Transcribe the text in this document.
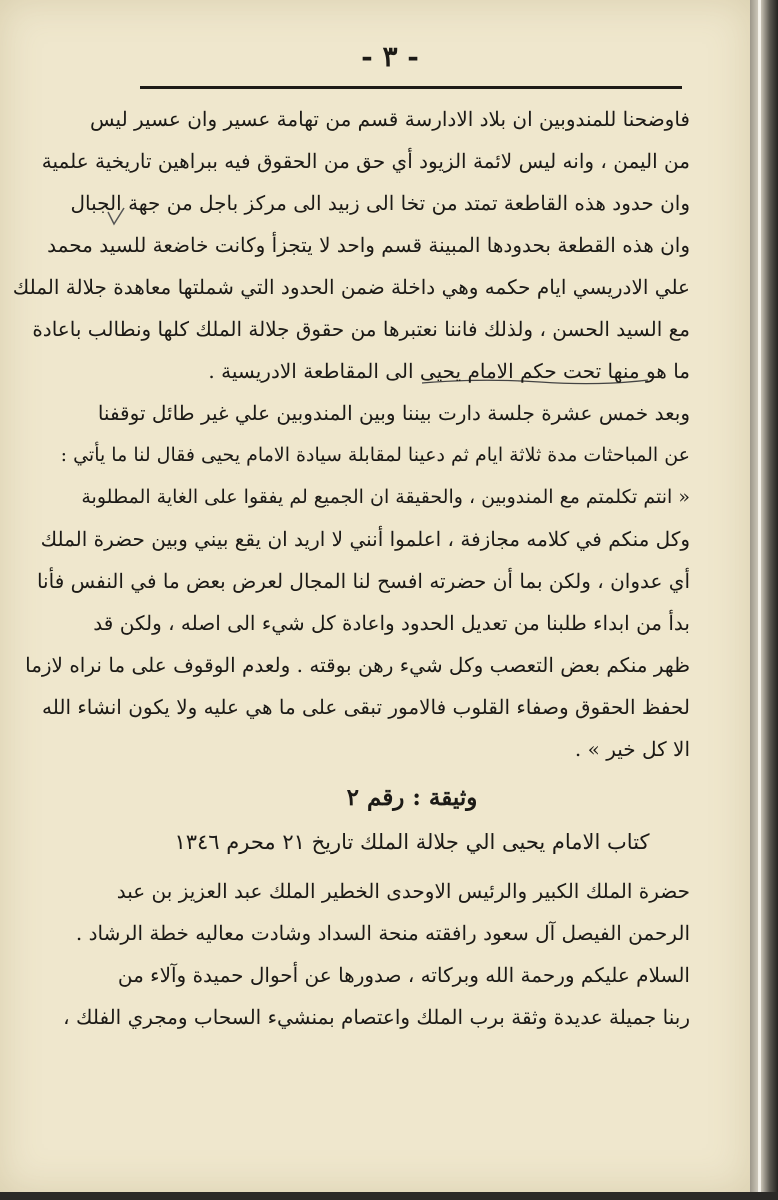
- ٣ -
فاوضحنا للمندوبين ان بلاد الادارسة قسم من تهامة عسير وان عسير ليس
من اليمن ، وانه ليس لائمة الزيود أي حق من الحقوق فيه ببراهين تاريخية علمية
وان حدود هذه القاطعة تمتد من تخا الى زبيد الى مركز باجل من جهة الجبال
وان هذه القطعة بحدودها المبينة قسم واحد لا يتجزأ وكانت خاضعة للسيد محمد
علي الادريسي ايام حكمه وهي داخلة ضمن الحدود التي شملتها معاهدة جلالة الملك
مع السيد الحسن ، ولذلك فاننا نعتبرها من حقوق جلالة الملك كلها ونطالب باعادة
ما هو منها تحت حكم الامام يحيى الى المقاطعة الادريسية .
وبعد خمس عشرة جلسة دارت بيننا وبين المندوبين علي غير طائل توقفنا
عن المباحثات مدة ثلاثة ايام ثم دعينا لمقابلة سيادة الامام يحيى فقال لنا ما يأتي :
« انتم تكلمتم مع المندوبين ، والحقيقة ان الجميع لم يفقوا على الغاية المطلوبة
وكل منكم في كلامه مجازفة ، اعلموا أنني لا اريد ان يقع بيني وبين حضرة الملك
أي عدوان ، ولكن بما أن حضرته افسح لنا المجال لعرض بعض ما في النفس فأنا
بدأ من ابداء طلبنا من تعديل الحدود واعادة كل شيء الى اصله ، ولكن قد
ظهر منكم بعض التعصب وكل شيء رهن بوقته . ولعدم الوقوف على ما نراه لازما
لحفظ الحقوق وصفاء القلوب فالامور تبقى على ما هي عليه ولا يكون انشاء الله
الا كل خير » .
وثيقة : رقم ٢
كتاب الامام يحيى الي جلالة الملك تاريخ ٢١ محرم ١٣٤٦
حضرة الملك الكبير والرئيس الاوحدى الخطير الملك عبد العزيز بن عبد
الرحمن الفيصل آل سعود رافقته منحة السداد وشادت معاليه خطة الرشاد .
السلام عليكم ورحمة الله وبركاته ، صدورها عن أحوال حميدة وآلاء من
ربنا جميلة عديدة وثقة برب الملك واعتصام بمنشيء السحاب ومجري الفلك ،
